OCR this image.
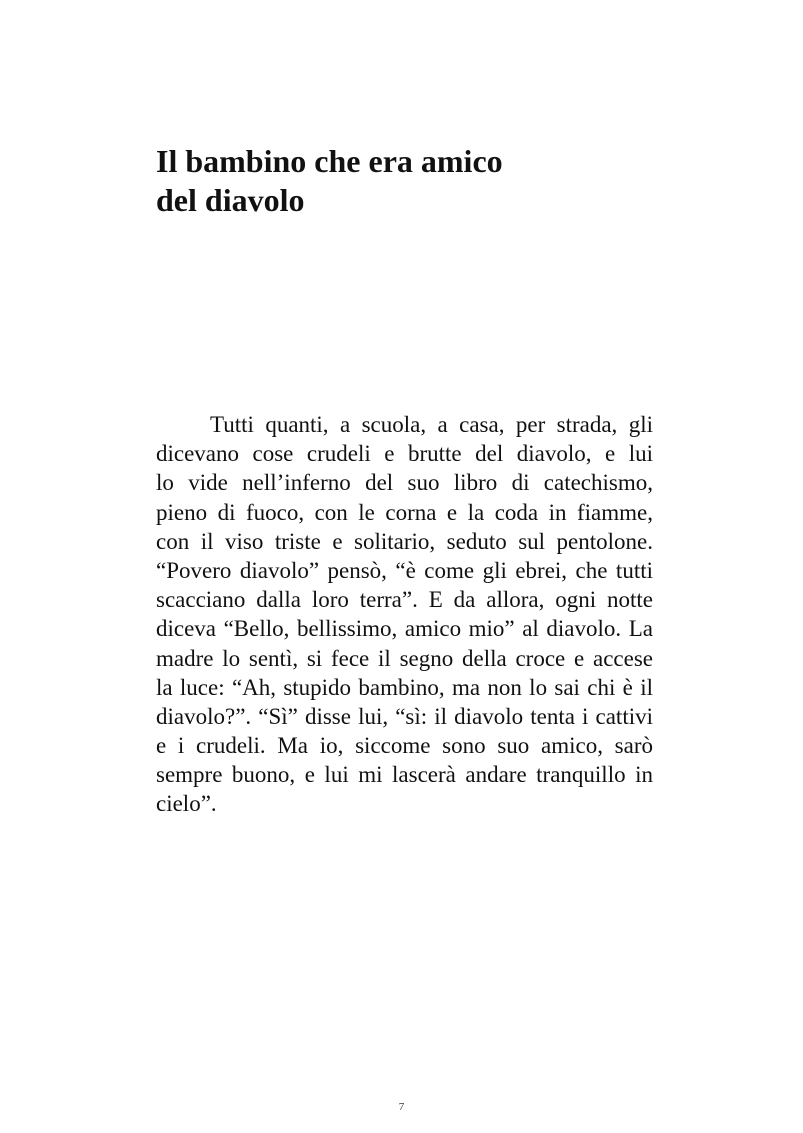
Il bambino che era amico
del diavolo
Tutti quanti, a scuola, a casa, per strada, gli
dicevano cose crudeli e brutte del diavolo, e lui
lo vide nell’inferno del suo libro di catechismo,
pieno di fuoco, con le corna e la coda in fiamme,
con il viso triste e solitario, seduto sul pentolone.
“Povero diavolo” pensò, “è come gli ebrei, che tutti
scacciano dalla loro terra”. E da allora, ogni notte
diceva “Bello, bellissimo, amico mio” al diavolo. La
madre lo sentì, si fece il segno della croce e accese
la luce: “Ah, stupido bambino, ma non lo sai chi è il
diavolo?”. “Sì” disse lui, “sì: il diavolo tenta i cattivi
e i crudeli. Ma io, siccome sono suo amico, sarò
sempre buono, e lui mi lascerà andare tranquillo in
cielo”.
7
